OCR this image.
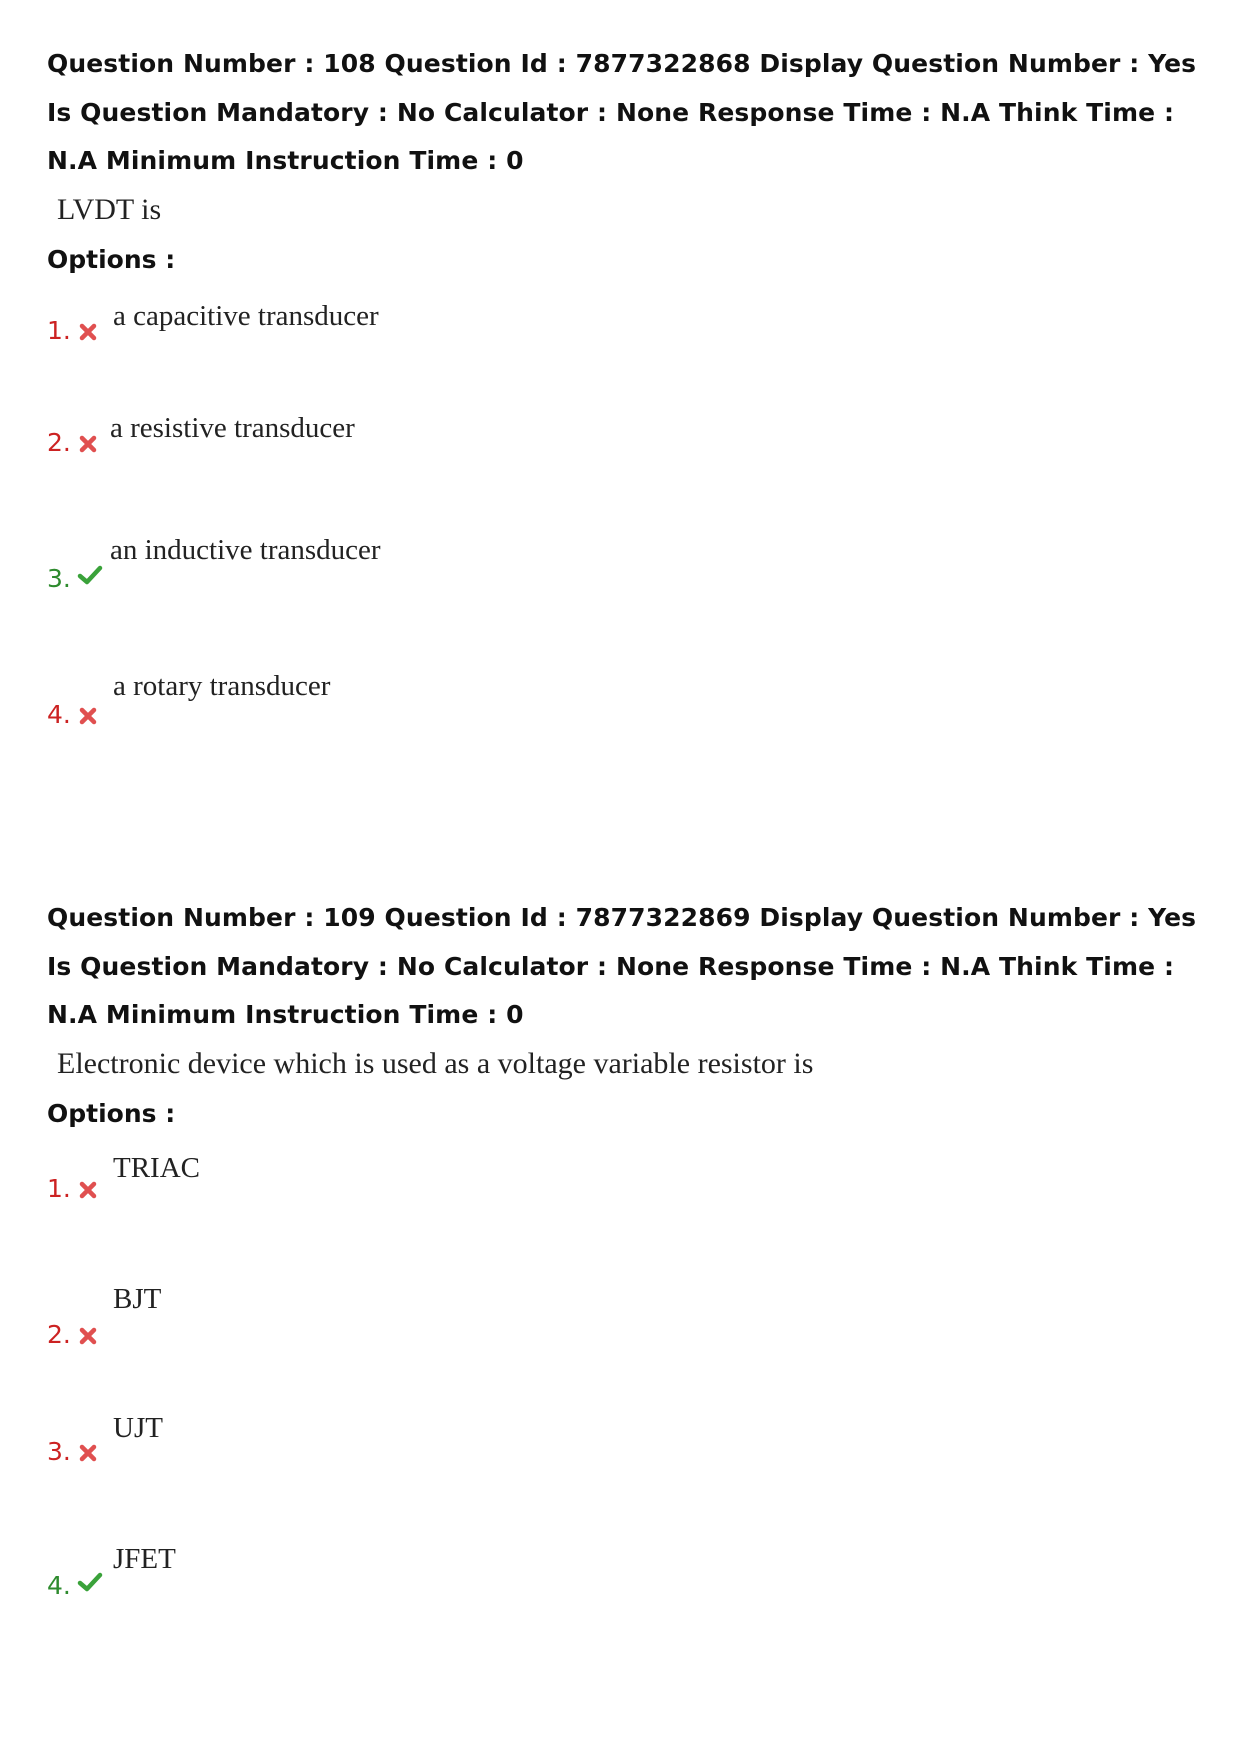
Question Number : 108 Question Id : 7877322868 Display Question Number : Yes Is Question Mandatory : No Calculator : None Response Time : N.A Think Time : N.A Minimum Instruction Time : 0
LVDT is
Options :
1. a capacitive transducer
2. a resistive transducer
3.
an inductive transducer
4.
a rotary transducer
Question Number : 109 Question Id : 7877322869 Display Question Number : Yes Is Question Mandatory : No Calculator : None Response Time : N.A Think Time : N.A Minimum Instruction Time : 0
Electronic device which is used as a voltage variable resistor is
Options :
1.
TRIAC
2.
BJT
3.
UJT
4.
JFET
